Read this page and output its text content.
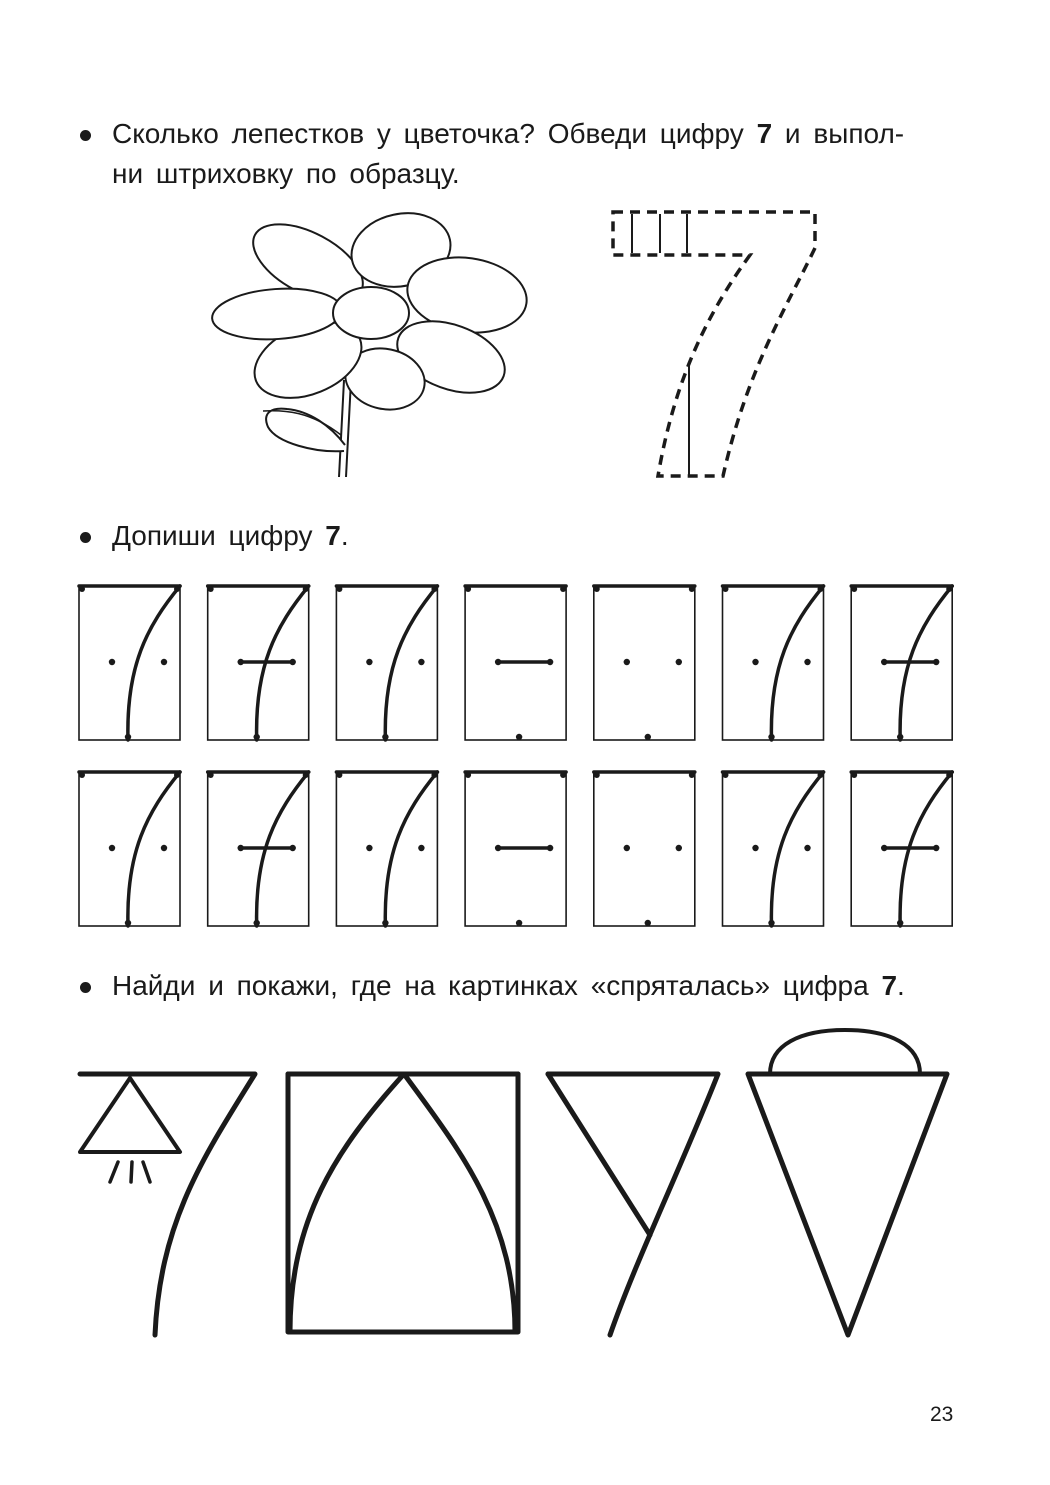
Сколько лепестков у цветочка? Обведи цифру 7 и выпол-
ни штриховку по образцу.
Допиши цифру 7.
Найди и покажи, где на картинках «спряталась» цифра 7.
23
